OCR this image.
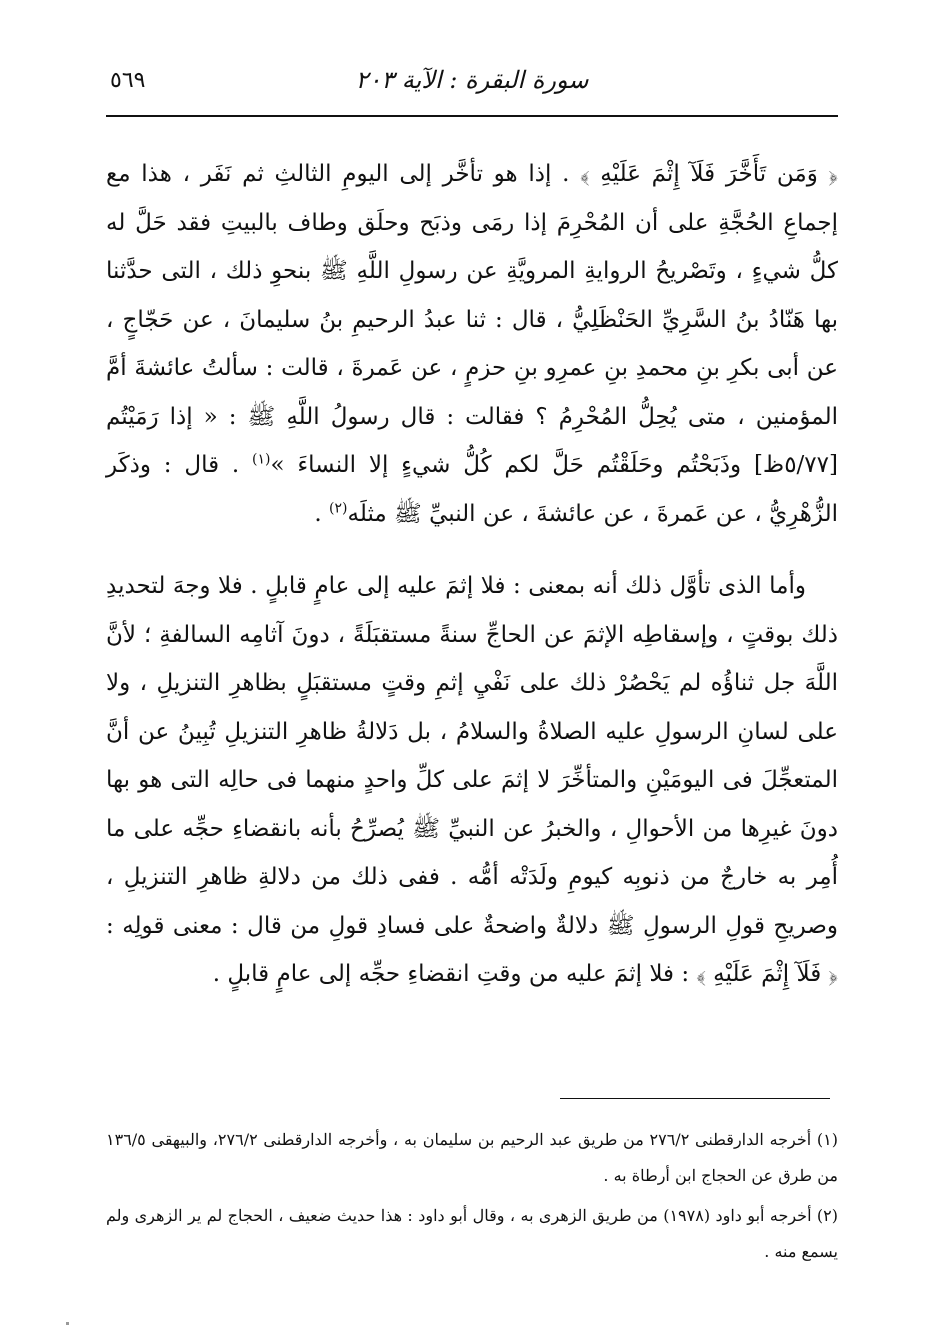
سورة البقرة : الآية ٢٠٣
٥٦٩

﴿ وَمَن تَأَخَّرَ فَلَآ إِثْمَ عَلَيْهِ ﴾ . إذا هو تأخَّر إلى اليومِ الثالثِ ثم نَفَر ، هذا مع إجماعِ الحُجَّةِ على أن المُحْرِمَ إذا رمَى وذبَح وحلَق وطاف بالبيتِ فقد حَلَّ له كلُّ شيءٍ ، وتَصْريحُ الروايةِ المرويَّةِ عن رسولِ اللَّهِ ﷺ بنحوِ ذلك ، التى حدَّثنا بها هَنّادُ بنُ السَّرِيِّ الحَنْظَلِيُّ ، قال : ثنا عبدُ الرحيمِ بنُ سليمانَ ، عن حَجّاجٍ ، عن أبى بكرِ بنِ محمدِ بنِ عمرِو بنِ حزمٍ ، عن عَمرةَ ، قالت : سألتُ عائشةَ أمَّ المؤمنين ، متى يُحِلُّ المُحْرِمُ ؟ فقالت : قال رسولُ اللَّهِ ﷺ : « إذا رَمَيْتُم [٥/٧٧ظ] وذَبَحْتُم وحَلَقْتُم حَلَّ لكم كُلُّ شيءٍ إلا النساءَ »$^{(١)}$ . قال : وذكَر الزُّهْرِيُّ ، عن عَمرةَ ، عن عائشةَ ، عن النبيِّ ﷺ مثلَه$^{(٢)}$ .

وأما الذى تأوَّل ذلك أنه بمعنى : فلا إثمَ عليه إلى عامٍ قابلٍ . فلا وجهَ لتحديدِ ذلك بوقتٍ ، وإسقاطِه الإثمَ عن الحاجِّ سنةً مستقبَلَةً ، دونَ آثامِه السالفةِ ؛ لأنَّ اللَّهَ جل ثناؤُه لم يَحْصُرْ ذلك على نَفْيِ إثمِ وقتٍ مستقبَلٍ بظاهرِ التنزيلِ ، ولا على لسانِ الرسولِ عليه الصلاةُ والسلامُ ، بل دَلالةُ ظاهرِ التنزيلِ تُبِينُ عن أنَّ المتعجِّلَ فى اليومَيْنِ والمتأخِّرَ لا إثمَ على كلِّ واحدٍ منهما فى حالِه التى هو بها دونَ غيرِها من الأحوالِ ، والخبرُ عن النبيِّ ﷺ يُصرِّحُ بأنه بانقضاءِ حجِّه على ما أُمِر به خارجٌ من ذنوبِه كيومِ ولَدَتْه أمُّه . ففى ذلك من دلالةِ ظاهرِ التنزيلِ ، وصريحِ قولِ الرسولِ ﷺ دلالةٌ واضحةٌ على فسادِ قولِ من قال : معنى قولِه : ﴿ فَلَآ إِثْمَ عَلَيْهِ ﴾ : فلا إثمَ عليه من وقتِ انقضاءِ حجِّه إلى عامٍ قابلٍ .

(١) أخرجه الدارقطنى ٢٧٦/٢ من طريق عبد الرحيم بن سليمان به ، وأخرجه الدارقطنى ٢٧٦/٢، والبيهقى ١٣٦/٥ من طرق عن الحجاج ابن أرطاة به .

(٢) أخرجه أبو داود (١٩٧٨) من طريق الزهرى به ، وقال أبو داود : هذا حديث ضعيف ، الحجاج لم ير الزهرى ولم يسمع منه .
